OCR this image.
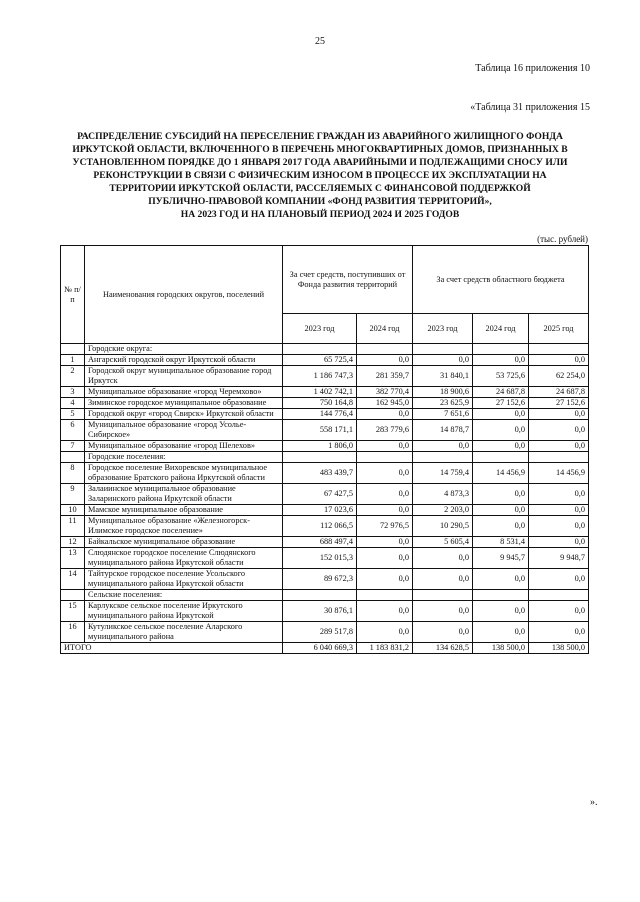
25
Таблица 16 приложения 10
«Таблица 31 приложения 15
РАСПРЕДЕЛЕНИЕ СУБСИДИЙ НА ПЕРЕСЕЛЕНИЕ ГРАЖДАН ИЗ АВАРИЙНОГО ЖИЛИЩНОГО ФОНДА
ИРКУТСКОЙ ОБЛАСТИ, ВКЛЮЧЕННОГО В ПЕРЕЧЕНЬ МНОГОКВАРТИРНЫХ ДОМОВ, ПРИЗНАННЫХ В
УСТАНОВЛЕННОМ ПОРЯДКЕ ДО 1 ЯНВАРЯ 2017 ГОДА АВАРИЙНЫМИ И ПОДЛЕЖАЩИМИ СНОСУ ИЛИ
РЕКОНСТРУКЦИИ В СВЯЗИ С ФИЗИЧЕСКИМ ИЗНОСОМ В ПРОЦЕССЕ ИХ ЭКСПЛУАТАЦИИ НА
ТЕРРИТОРИИ ИРКУТСКОЙ ОБЛАСТИ, РАССЕЛЯЕМЫХ С ФИНАНСОВОЙ ПОДДЕРЖКОЙ
ПУБЛИЧНО-ПРАВОВОЙ КОМПАНИИ «ФОНД РАЗВИТИЯ ТЕРРИТОРИЙ»,
НА 2023 ГОД И НА ПЛАНОВЫЙ ПЕРИОД 2024 И 2025 ГОДОВ
(тыс. рублей)
№ п/п	Наименования городских округов, поселений	За счет средств, поступивших от Фонда развития территорий		За счет средств областного бюджета		
		2023 год	2024 год	2023 год	2024 год	2025 год
	Городские округа:					
1	Ангарский городской округ Иркутской области	65 725,4	0,0	0,0	0,0	0,0
2	Городской округ муниципальное образование город Иркутск	1 186 747,3	281 359,7	31 840,1	53 725,6	62 254,0
3	Муниципальное образование «город Черемхово»	1 402 742,1	382 770,4	18 900,6	24 687,8	24 687,8
4	Зиминское городское муниципальное образование	750 164,8	162 945,0	23 625,9	27 152,6	27 152,6
5	Городской округ «город Свирск» Иркутской области	144 776,4	0,0	7 651,6	0,0	0,0
6	Муниципальное образование «город Усолье-Сибирское»	558 171,1	283 779,6	14 878,7	0,0	0,0
7	Муниципальное образование «город Шелехов»	1 806,0	0,0	0,0	0,0	0,0
	Городские поселения:					
8	Городское поселение Вихоревское муниципальное образование Братского района Иркутской области	483 439,7	0,0	14 759,4	14 456,9	14 456,9
9	Залаиинское муниципальное образование Заларинского района Иркутской области	67 427,5	0,0	4 873,3	0,0	0,0
10	Мамское муниципальное образование	17 023,6	0,0	2 203,0	0,0	0,0
11	Муниципальное образование «Железногорск-Илимское городское поселение»	112 066,5	72 976,5	10 290,5	0,0	0,0
12	Байкальское муниципальное образование	688 497,4	0,0	5 605,4	8 531,4	0,0
13	Слюдянское городское поселение Слюдянского муниципального района Иркутской области	152 015,3	0,0	0,0	9 945,7	9 948,7
14	Тайтурское городское поселение Усольского муниципального района Иркутской области	89 672,3	0,0	0,0	0,0	0,0
	Сельские поселения:					
15	Карлукское сельское поселение Иркутского муниципального района Иркутской	30 876,1	0,0	0,0	0,0	0,0
16	Кутуликское сельское поселение Аларского муниципального района	289 517,8	0,0	0,0	0,0	0,0
ИТОГО		6 040 669,3	1 183 831,2	134 628,5	138 500,0	138 500,0
».
